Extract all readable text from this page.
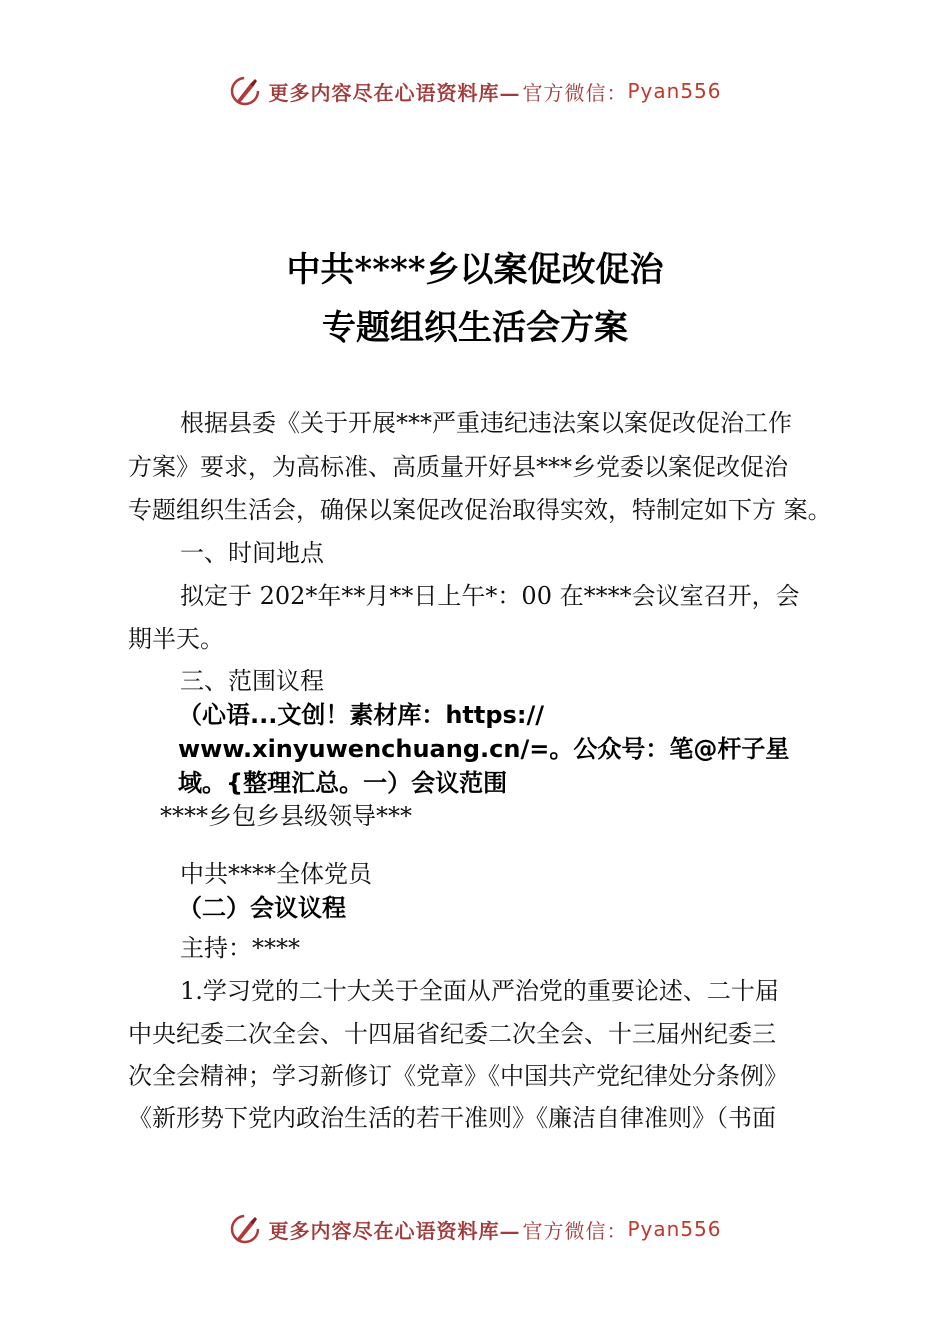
更多内容尽在心语资料库— 官方微信： Pyan556
中共****乡以案促改促治
专题组织生活会方案
根据县委《关于开展***严重违纪违法案以案促改促治工作
方案》要求，为高标准、高质量开好县***乡党委以案促改促治
专题组织生活会，确保以案促改促治取得实效，特制定如下方 案。
一、时间地点
拟定于 202*年**月**日上午*：00 在****会议室召开，会
期半天。
三、范围议程
（心语...文创！素材库：https://
www.xinyuwenchuang.cn/=。公众号：笔@杆子星
域。{整理汇总。一）会议范围
****乡包乡县级领导***
中共****全体党员
（二）会议议程
主持：****
1.学习党的二十大关于全面从严治党的重要论述、二十届
中央纪委二次全会、十四届省纪委二次全会、十三届州纪委三
次全会精神；学习新修订《党章》《中国共产党纪律处分条例》
《新形势下党内政治生活的若干准则》《廉洁自律准则》（书面
更多内容尽在心语资料库— 官方微信： Pyan556
